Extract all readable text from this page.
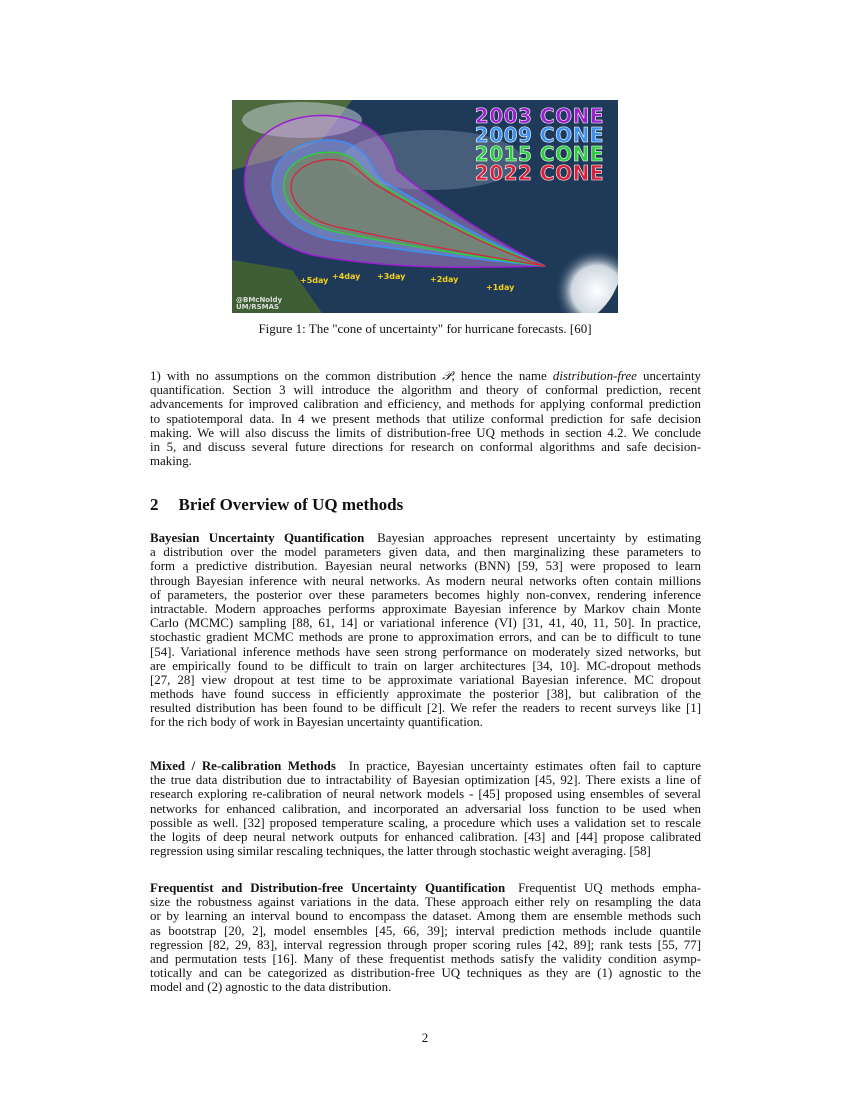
2003 CONE
2009 CONE
2015 CONE
2022 CONE
+5day +4day +3day	+2day
+1day
@BMcNoldy
UM/RSMAS
Figure 1: The "cone of uncertainty" for hurricane forecasts. [60]
1) with no assumptions on the common distribution 𝒫, hence the name distribution-free uncertainty
quantification. Section 3 will introduce the algorithm and theory of conformal prediction, recent
advancements for improved calibration and efficiency, and methods for applying conformal prediction
to spatiotemporal data. In 4 we present methods that utilize conformal prediction for safe decision
making. We will also discuss the limits of distribution-free UQ methods in section 4.2. We conclude
in 5, and discuss several future directions for research on conformal algorithms and safe decision-
making.
2 Brief Overview of UQ methods
Bayesian Uncertainty Quantification  Bayesian approaches represent uncertainty by estimating
a distribution over the model parameters given data, and then marginalizing these parameters to
form a predictive distribution. Bayesian neural networks (BNN) [59, 53] were proposed to learn
through Bayesian inference with neural networks. As modern neural networks often contain millions
of parameters, the posterior over these parameters becomes highly non-convex, rendering inference
intractable. Modern approaches performs approximate Bayesian inference by Markov chain Monte
Carlo (MCMC) sampling [88, 61, 14] or variational inference (VI) [31, 41, 40, 11, 50]. In practice,
stochastic gradient MCMC methods are prone to approximation errors, and can be to difficult to tune
[54]. Variational inference methods have seen strong performance on moderately sized networks, but
are empirically found to be difficult to train on larger architectures [34, 10]. MC-dropout methods
[27, 28] view dropout at test time to be approximate variational Bayesian inference. MC dropout
methods have found success in efficiently approximate the posterior [38], but calibration of the
resulted distribution has been found to be difficult [2]. We refer the readers to recent surveys like [1]
for the rich body of work in Bayesian uncertainty quantification.
Mixed / Re-calibration Methods  In practice, Bayesian uncertainty estimates often fail to capture
the true data distribution due to intractability of Bayesian optimization [45, 92]. There exists a line of
research exploring re-calibration of neural network models - [45] proposed using ensembles of several
networks for enhanced calibration, and incorporated an adversarial loss function to be used when
possible as well. [32] proposed temperature scaling, a procedure which uses a validation set to rescale
the logits of deep neural network outputs for enhanced calibration. [43] and [44] propose calibrated
regression using similar rescaling techniques, the latter through stochastic weight averaging. [58]
Frequentist and Distribution-free Uncertainty Quantification  Frequentist UQ methods empha-
size the robustness against variations in the data. These approach either rely on resampling the data
or by learning an interval bound to encompass the dataset. Among them are ensemble methods such
as bootstrap [20, 2], model ensembles [45, 66, 39]; interval prediction methods include quantile
regression [82, 29, 83], interval regression through proper scoring rules [42, 89]; rank tests [55, 77]
and permutation tests [16]. Many of these frequentist methods satisfy the validity condition asymp-
totically and can be categorized as distribution-free UQ techniques as they are (1) agnostic to the
model and (2) agnostic to the data distribution.
2
